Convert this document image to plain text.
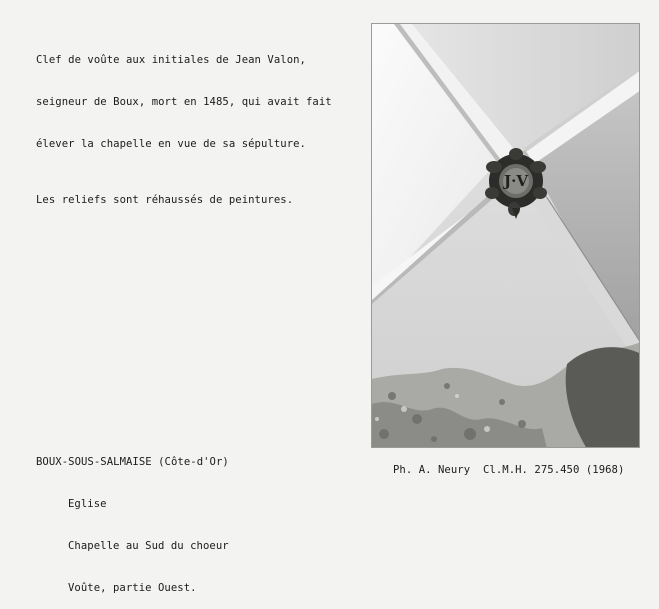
Clef de voûte aux initiales de Jean Valon,

seigneur de Boux, mort en 1485, qui avait fait

élever la chapelle en vue de sa sépulture.

Les reliefs sont réhaussés de peintures.

J·V

BOUX-SOUS-SALMAISE (Côte-d'Or)

Eglise

Chapelle au Sud du choeur

Voûte, partie Ouest.

Ph. A. Neury  Cl.M.H. 275.450 (1968)
